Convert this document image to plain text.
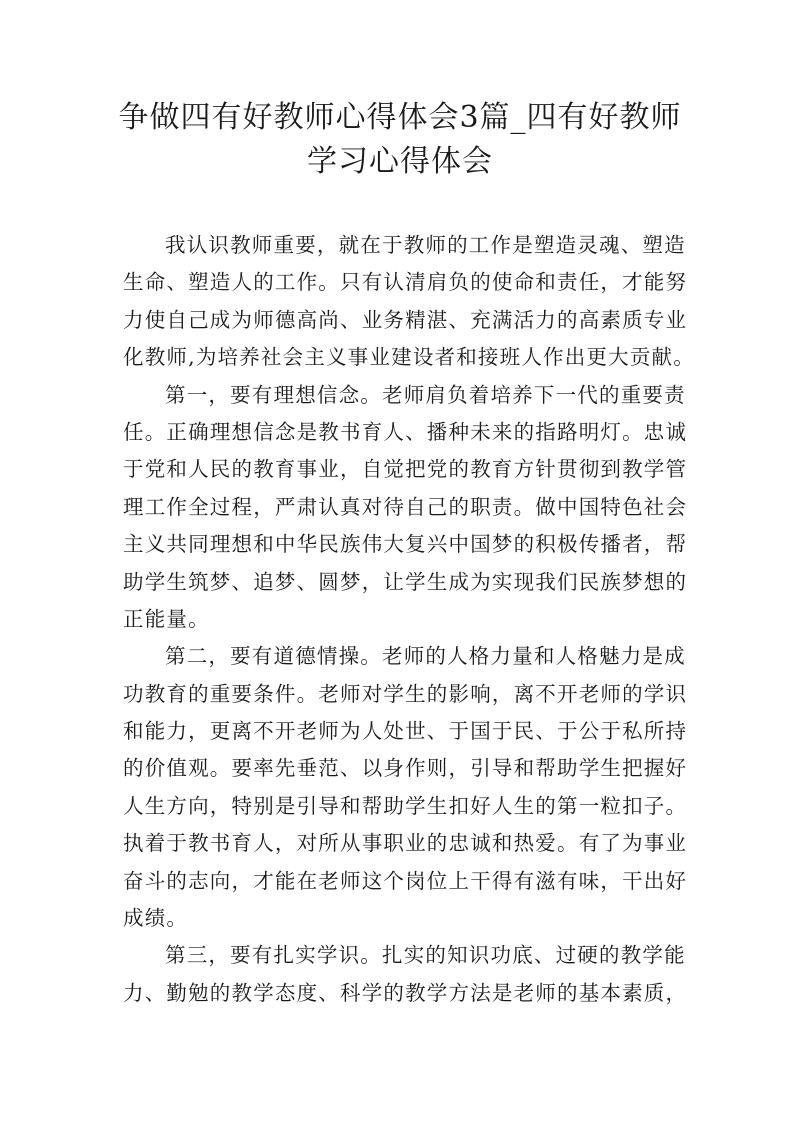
争做四有好教师心得体会3篇_四有好教师
学习心得体会
我认识教师重要，就在于教师的工作是塑造灵魂、塑造
生命、塑造人的工作。只有认清肩负的使命和责任，才能努
力使自己成为师德高尚、业务精湛、充满活力的高素质专业
化教师,为培养社会主义事业建设者和接班人作出更大贡献。
第一，要有理想信念。老师肩负着培养下一代的重要责
任。正确理想信念是教书育人、播种未来的指路明灯。忠诚
于党和人民的教育事业，自觉把党的教育方针贯彻到教学管
理工作全过程，严肃认真对待自己的职责。做中国特色社会
主义共同理想和中华民族伟大复兴中国梦的积极传播者，帮
助学生筑梦、追梦、圆梦，让学生成为实现我们民族梦想的
正能量。
第二，要有道德情操。老师的人格力量和人格魅力是成
功教育的重要条件。老师对学生的影响，离不开老师的学识
和能力，更离不开老师为人处世、于国于民、于公于私所持
的价值观。要率先垂范、以身作则，引导和帮助学生把握好
人生方向，特别是引导和帮助学生扣好人生的第一粒扣子。
执着于教书育人，对所从事职业的忠诚和热爱。有了为事业
奋斗的志向，才能在老师这个岗位上干得有滋有味，干出好
成绩。
第三，要有扎实学识。扎实的知识功底、过硬的教学能
力、勤勉的教学态度、科学的教学方法是老师的基本素质，
